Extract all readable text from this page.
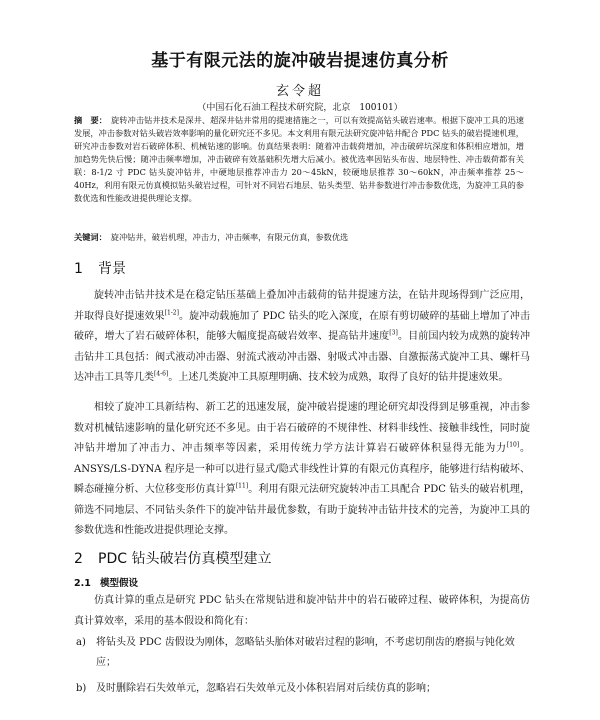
基于有限元法的旋冲破岩提速仿真分析
玄令超
（中国石化石油工程技术研究院，北京　100101）
摘　要： 旋转冲击钻井技术是深井、超深井钻井常用的提速措施之一，可以有效提高钻头破岩速率。根据下旋冲工具的迅速发展，冲击参数对钻头破岩效率影响的量化研究还不多见。本文利用有限元法研究旋冲钻井配合 PDC 钻头的破岩提速机理，研究冲击参数对岩石破碎体积、机械钻速的影响。仿真结果表明：随着冲击载荷增加，冲击破碎坑深度和体积相应增加，增加趋势先快后慢；随冲击频率增加，冲击破碎有效基础积先增大后减小。被优选率因钻头布齿、地层特性、冲击载荷都有关联：8-1/2 寸 PDC 钻头旋冲钻井，中硬地层推荐冲击力 20～45kN，较硬地层推荐 30～60kN，冲击频率推荐 25～40Hz，利用有限元仿真模拟钻头破岩过程，可针对不同岩石地层、钻头类型、钻井参数进行冲击参数优选，为旋冲工具的参数优选和性能改进提供理论支撑。
关键词： 旋冲钻井，破岩机理，冲击力，冲击频率，有限元仿真，参数优选
1 背景
旋转冲击钻井技术是在稳定钻压基础上叠加冲击载荷的钻井提速方法，在钻井现场得到广泛应用，并取得良好提速效果[1-2]。旋冲动载施加了 PDC 钻头的吃入深度，在原有剪切破碎的基础上增加了冲击破碎，增大了岩石破碎体积，能够大幅度提高破岩效率、提高钻井速度[3]。目前国内较为成熟的旋转冲击钻井工具包括：阀式液动冲击器、射流式液动冲击器、射吸式冲击器、自激振荡式旋冲工具、螺杆马达冲击工具等几类[4-6]。上述几类旋冲工具原理明确、技术较为成熟，取得了良好的钻井提速效果。
相较了旋冲工具新结构、新工艺的迅速发展，旋冲破岩提速的理论研究却没得到足够重视，冲击参数对机械钻速影响的量化研究还不多见。由于岩石破碎的不规律性、材料非线性、接触非线性，同时旋冲钻井增加了冲击力、冲击频率等因素，采用传统力学方法计算岩石破碎体积显得无能为力[10]。ANSYS/LS-DYNA 程序是一种可以进行显式/隐式非线性计算的有限元仿真程序，能够进行结构破坏、瞬态碰撞分析、大位移变形仿真计算[11]。利用有限元法研究旋转冲击工具配合 PDC 钻头的破岩机理，筛选不同地层、不同钻头条件下的旋冲钻井最优参数，有助于旋转冲击钻井技术的完善，为旋冲工具的参数优选和性能改进提供理论支撑。
2 PDC 钻头破岩仿真模型建立
2.1 模型假设
仿真计算的重点是研究 PDC 钻头在常规钻进和旋冲钻井中的岩石破碎过程、破碎体积，为提高仿真计算效率，采用的基本假设和简化有：
a) 将钻头及 PDC 齿假设为刚体，忽略钻头胎体对破岩过程的影响，不考虑切削齿的磨损与钝化效应；
b) 及时删除岩石失效单元，忽略岩石失效单元及小体积岩屑对后续仿真的影响；
